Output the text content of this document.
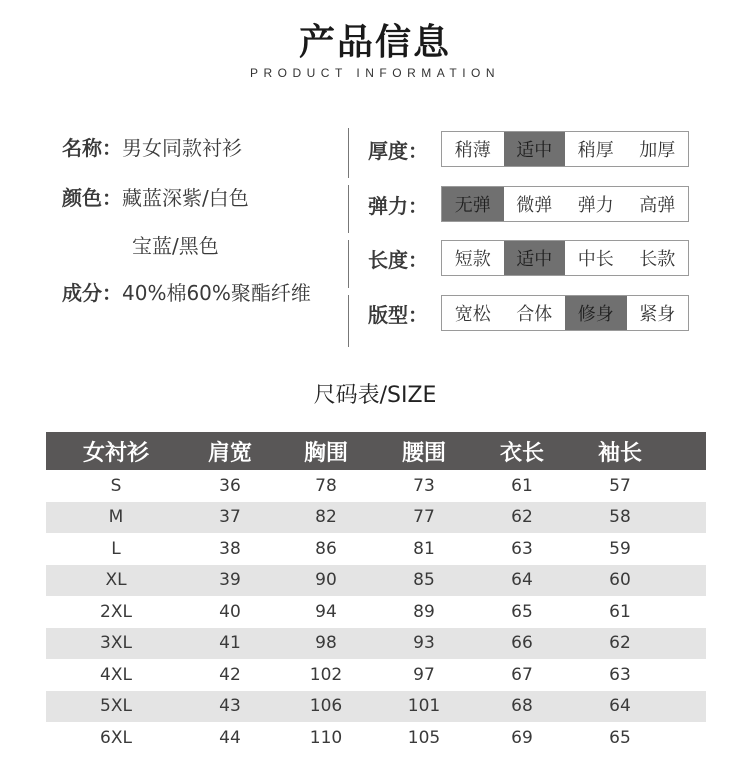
产品信息
PRODUCT INFORMATION
名称：男女同款衬衫
颜色：藏蓝深紫/白色
宝蓝/黑色
成分：40%棉60%聚酯纤维
厚度：	稍薄	适中	稍厚	加厚
弹力：	无弹	微弹	弹力	高弹
长度：	短款	适中	中长	长款
版型：	宽松	合体	修身	紧身
尺码表/SIZE
女衬衫	肩宽	胸围	腰围	衣长	袖长
S	36	78	73	61	57
M	37	82	77	62	58
L	38	86	81	63	59
XL	39	90	85	64	60
2XL	40	94	89	65	61
3XL	41	98	93	66	62
4XL	42	102	97	67	63
5XL	43	106	101	68	64
6XL	44	110	105	69	65
